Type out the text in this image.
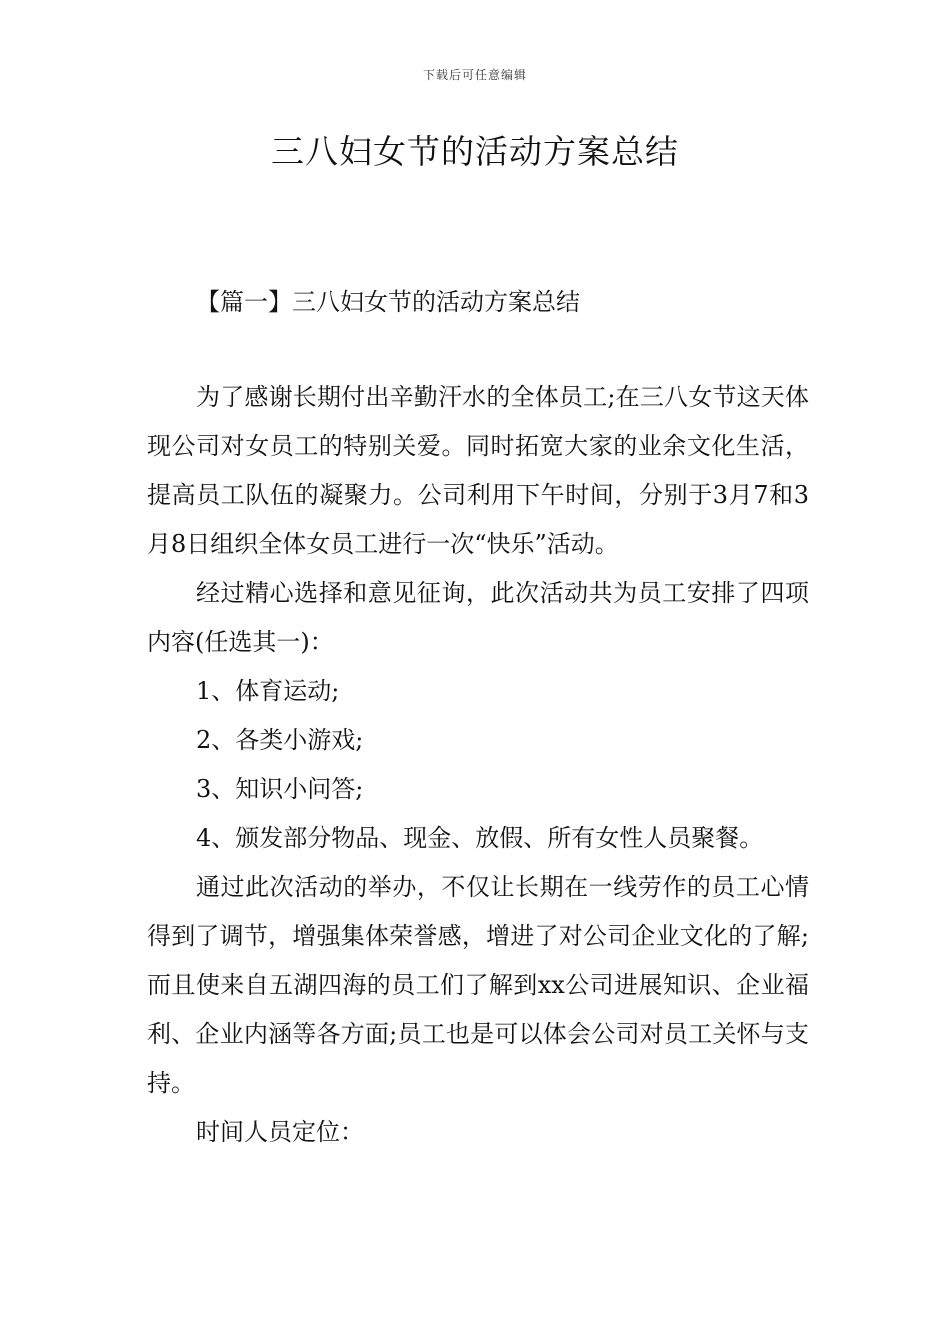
下载后可任意编辑
三八妇女节的活动方案总结
【篇一】三八妇女节的活动方案总结

为了感谢长期付出辛勤汗水的全体员工;在三八女节这天体现公司对女员工的特别关爱。同时拓宽大家的业余文化生活，提高员工队伍的凝聚力。公司利用下午时间，分别于3月7和3月8日组织全体女员工进行一次“快乐”活动。

经过精心选择和意见征询，此次活动共为员工安排了四项内容(任选其一)：

1、体育运动;

2、各类小游戏;

3、知识小问答;

4、颁发部分物品、现金、放假、所有女性人员聚餐。

通过此次活动的举办，不仅让长期在一线劳作的员工心情得到了调节，增强集体荣誉感，增进了对公司企业文化的了解;而且使来自五湖四海的员工们了解到xx公司进展知识、企业福利、企业内涵等各方面;员工也是可以体会公司对员工关怀与支持。

时间人员定位：
